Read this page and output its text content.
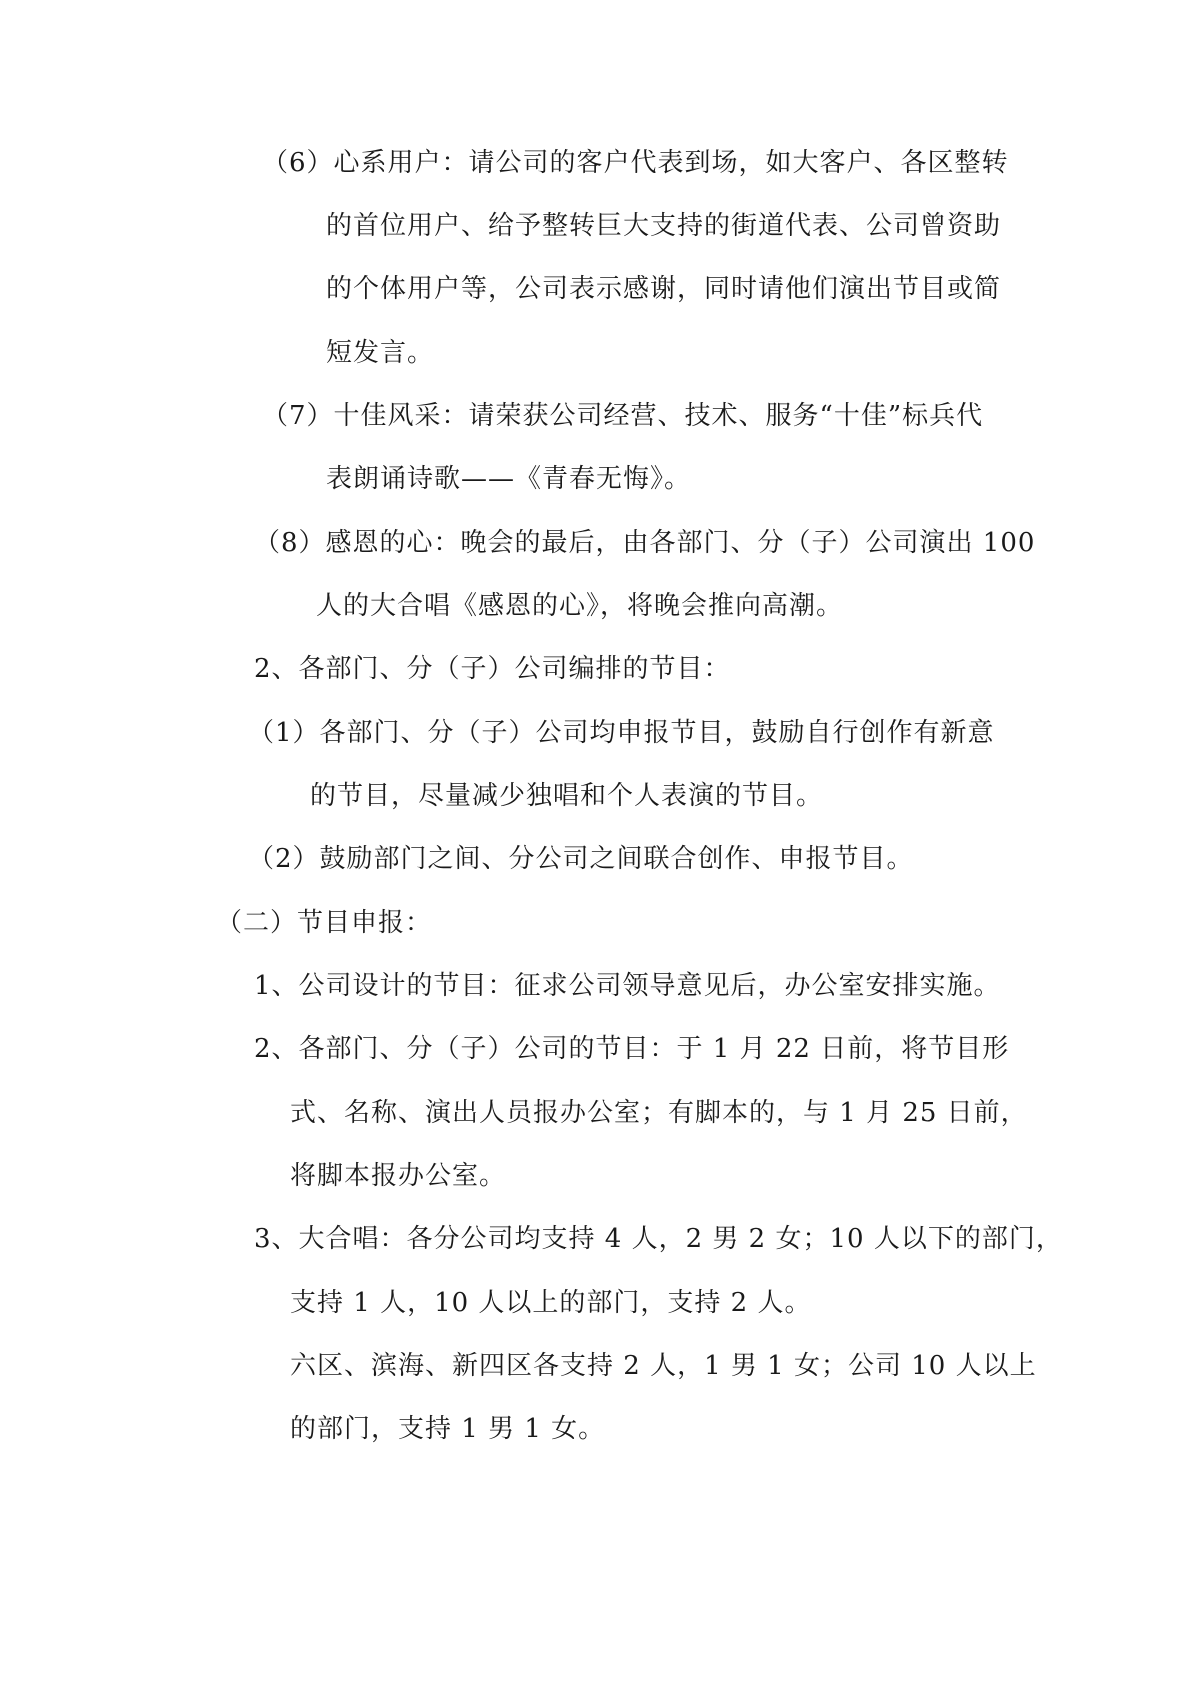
（6）心系用户：请公司的客户代表到场，如大客户、各区整转
的首位用户、给予整转巨大支持的街道代表、公司曾资助
的个体用户等，公司表示感谢，同时请他们演出节目或简
短发言。
（7）十佳风采：请荣获公司经营、技术、服务“十佳”标兵代
表朗诵诗歌——《青春无悔》。
（8）感恩的心：晚会的最后，由各部门、分（子）公司演出 100
人的大合唱《感恩的心》，将晚会推向高潮。
2、各部门、分（子）公司编排的节目：
（1）各部门、分（子）公司均申报节目，鼓励自行创作有新意
的节目，尽量减少独唱和个人表演的节目。
（2）鼓励部门之间、分公司之间联合创作、申报节目。
（二）节目申报：
1、公司设计的节目：征求公司领导意见后，办公室安排实施。
2、各部门、分（子）公司的节目：于 1 月 22 日前，将节目形
式、名称、演出人员报办公室；有脚本的，与 1 月 25 日前，
将脚本报办公室。
3、大合唱：各分公司均支持 4 人，2 男 2 女；10 人以下的部门，
支持 1 人，10 人以上的部门，支持 2 人。
六区、滨海、新四区各支持 2 人，1 男 1 女；公司 10 人以上
的部门，支持 1 男 1 女。
